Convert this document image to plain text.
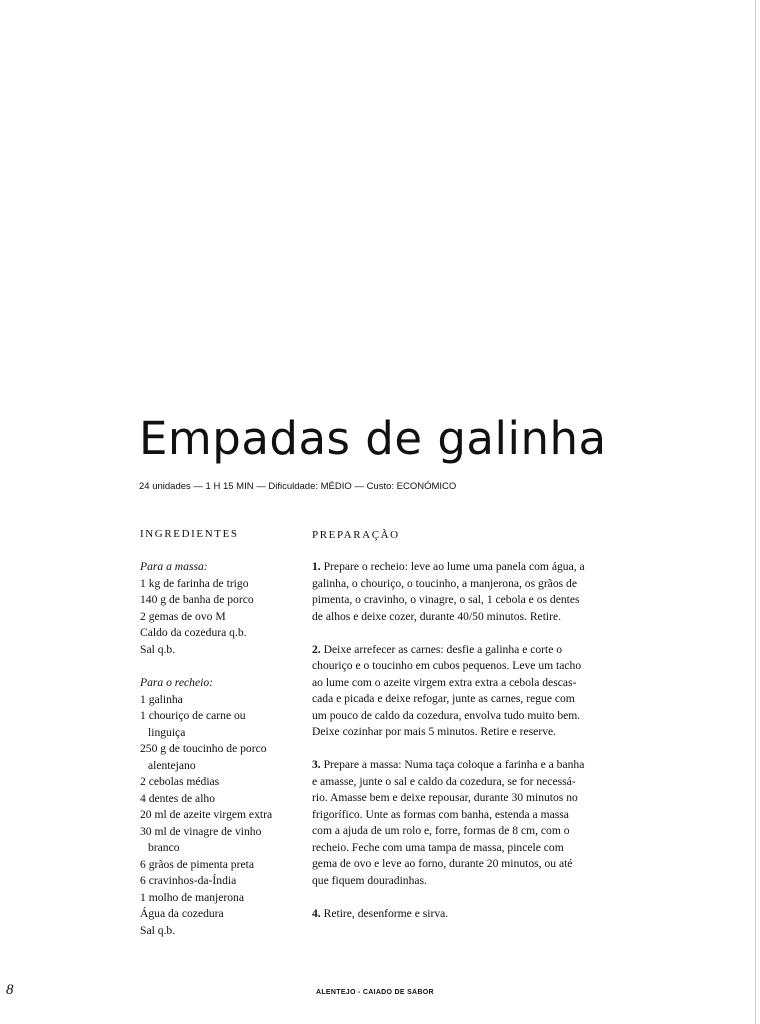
Empadas de galinha
24 unidades — 1 H 15 MIN — Dificuldade: MÉDIO — Custo: ECONÓMICO
INGREDIENTES	PREPARAÇÃO
Para a massa:
1 kg de farinha de trigo
140 g de banha de porco
2 gemas de ovo M
Caldo da cozedura q.b.
Sal q.b.
Para o recheio:
1 galinha
1 chouriço de carne ou
linguiça
250 g de toucinho de porco
alentejano
2 cebolas médias
4 dentes de alho
20 ml de azeite virgem extra
30 ml de vinagre de vinho
branco
6 grãos de pimenta preta
6 cravinhos-da-Índia
1 molho de manjerona
Água da cozedura
Sal q.b.
1. Prepare o recheio: leve ao lume uma panela com água, a
galinha, o chouriço, o toucinho, a manjerona, os grãos de
pimenta, o cravinho, o vinagre, o sal, 1 cebola e os dentes
de alhos e deixe cozer, durante 40/50 minutos. Retire.
2. Deixe arrefecer as carnes: desfie a galinha e corte o
chouriço e o toucinho em cubos pequenos. Leve um tacho
ao lume com o azeite virgem extra extra a cebola descas-
cada e picada e deixe refogar, junte as carnes, regue com
um pouco de caldo da cozedura, envolva tudo muito bem.
Deixe cozinhar por mais 5 minutos. Retire e reserve.
3. Prepare a massa: Numa taça coloque a farinha e a banha
e amasse, junte o sal e caldo da cozedura, se for necessá-
rio. Amasse bem e deixe repousar, durante 30 minutos no
frigorífico. Unte as formas com banha, estenda a massa
com a ajuda de um rolo e, forre, formas de 8 cm, com o
recheio. Feche com uma tampa de massa, pincele com
gema de ovo e leve ao forno, durante 20 minutos, ou até
que fiquem douradinhas.
4. Retire, desenforme e sirva.
8	ALENTEJO - CAIADO DE SABOR
